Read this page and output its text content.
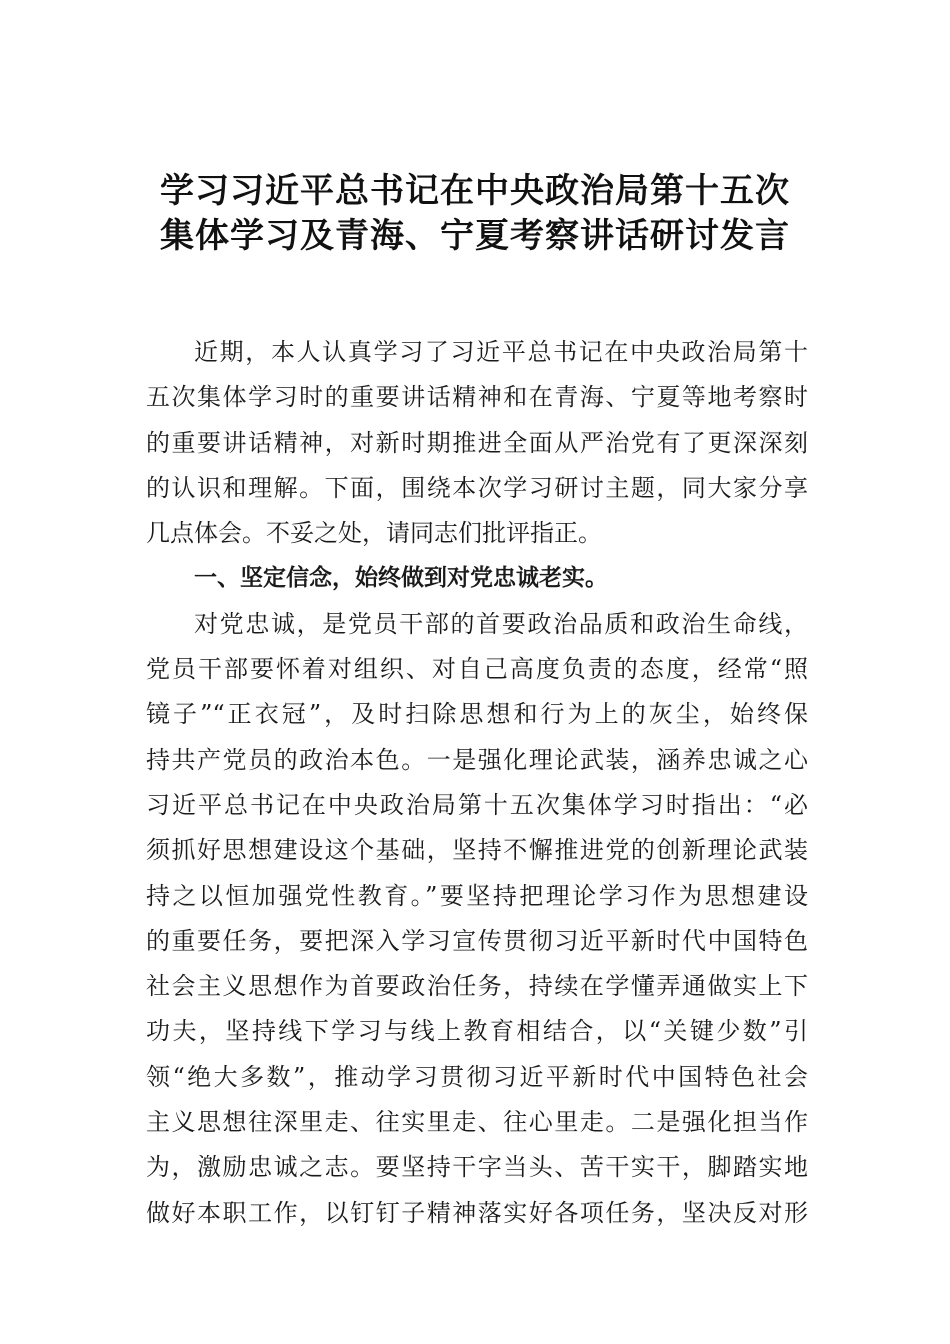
学习习近平总书记在中央政治局第十五次
集体学习及青海、宁夏考察讲话研讨发言
近期，本人认真学习了习近平总书记在中央政治局第十
五次集体学习时的重要讲话精神和在青海、宁夏等地考察时
的重要讲话精神，对新时期推进全面从严治党有了更深深刻
的认识和理解。下面，围绕本次学习研讨主题，同大家分享
几点体会。不妥之处，请同志们批评指正。
一、坚定信念，始终做到对党忠诚老实。
对党忠诚，是党员干部的首要政治品质和政治生命线，
党员干部要怀着对组织、对自己高度负责的态度，经常“照
镜子”“正衣冠”，及时扫除思想和行为上的灰尘，始终保
持共产党员的政治本色。一是强化理论武装，涵养忠诚之心
习近平总书记在中央政治局第十五次集体学习时指出：“必
须抓好思想建设这个基础，坚持不懈推进党的创新理论武装
持之以恒加强党性教育。”要坚持把理论学习作为思想建设
的重要任务，要把深入学习宣传贯彻习近平新时代中国特色
社会主义思想作为首要政治任务，持续在学懂弄通做实上下
功夫，坚持线下学习与线上教育相结合，以“关键少数”引
领“绝大多数”，推动学习贯彻习近平新时代中国特色社会
主义思想往深里走、往实里走、往心里走。二是强化担当作
为，激励忠诚之志。要坚持干字当头、苦干实干，脚踏实地
做好本职工作，以钉钉子精神落实好各项任务，坚决反对形
